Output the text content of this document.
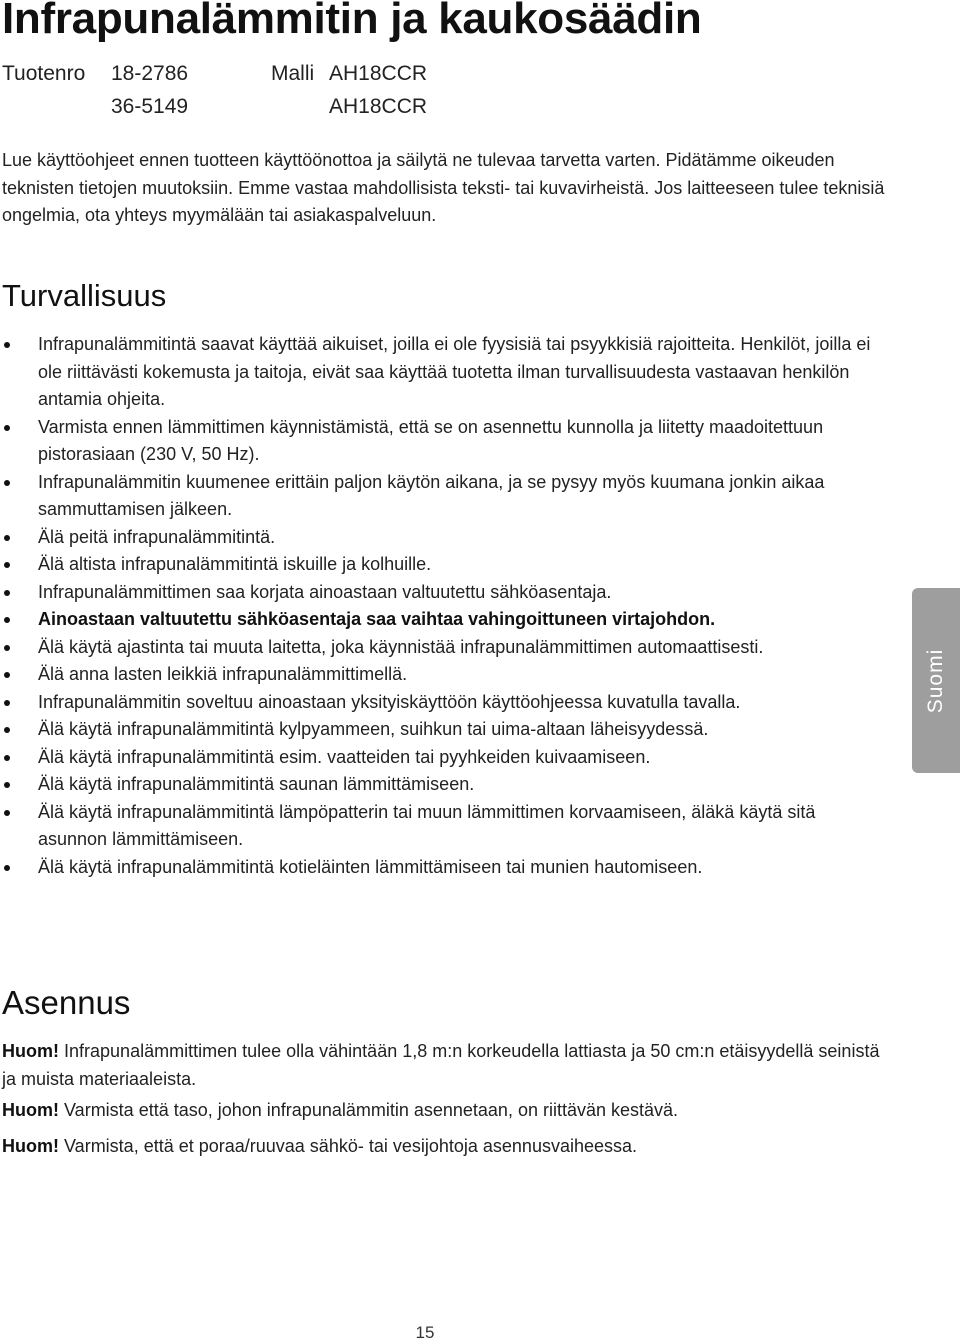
Infrapunalämmitin ja kaukosäädin
Tuotenro 18-2786
36-5149
Malli AH18CCR
AH18CCR

Lue käyttöohjeet ennen tuotteen käyttöönottoa ja säilytä ne tulevaa tarvetta varten. Pidätämme oikeuden teknisten tietojen muutoksiin. Emme vastaa mahdollisista teksti- tai kuvavirheistä. Jos laitteeseen tulee teknisiä ongelmia, ota yhteys myymälään tai asiakaspalveluun.

Turvallisuus
Infrapunalämmitintä saavat käyttää aikuiset, joilla ei ole fyysisiä tai psyykkisiä rajoitteita. Henkilöt, joilla ei ole riittävästi kokemusta ja taitoja, eivät saa käyttää tuotetta ilman turvallisuudesta vastaavan henkilön antamia ohjeita.
Varmista ennen lämmittimen käynnistämistä, että se on asennettu kunnolla ja liitetty maadoitettuun pistorasiaan (230 V, 50 Hz).
Infrapunalämmitin kuumenee erittäin paljon käytön aikana, ja se pysyy myös kuumana jonkin aikaa sammuttamisen jälkeen.
Älä peitä infrapunalämmitintä.
Älä altista infrapunalämmitintä iskuille ja kolhuille.
Infrapunalämmittimen saa korjata ainoastaan valtuutettu sähköasentaja.
Ainoastaan valtuutettu sähköasentaja saa vaihtaa vahingoittuneen virtajohdon.
Älä käytä ajastinta tai muuta laitetta, joka käynnistää infrapunalämmittimen automaattisesti.
Älä anna lasten leikkiä infrapunalämmittimellä.
Infrapunalämmitin soveltuu ainoastaan yksityiskäyttöön käyttöohjeessa kuvatulla tavalla.
Älä käytä infrapunalämmitintä kylpyammeen, suihkun tai uima-altaan läheisyydessä.
Älä käytä infrapunalämmitintä esim. vaatteiden tai pyyhkeiden kuivaamiseen.
Älä käytä infrapunalämmitintä saunan lämmittämiseen.
Älä käytä infrapunalämmitintä lämpöpatterin tai muun lämmittimen korvaamiseen, äläkä käytä sitä asunnon lämmittämiseen.
Älä käytä infrapunalämmitintä kotieläinten lämmittämiseen tai munien hautomiseen.
Asennus

Huom! Infrapunalämmittimen tulee olla vähintään 1,8 m:n korkeudella lattiasta ja 50 cm:n etäisyydellä seinistä ja muista materiaaleista.

Huom! Varmista että taso, johon infrapunalämmitin asennetaan, on riittävän kestävä.

Huom! Varmista, että et poraa/ruuvaa sähkö- tai vesijohtoja asennusvaiheessa.

Suomi
15
